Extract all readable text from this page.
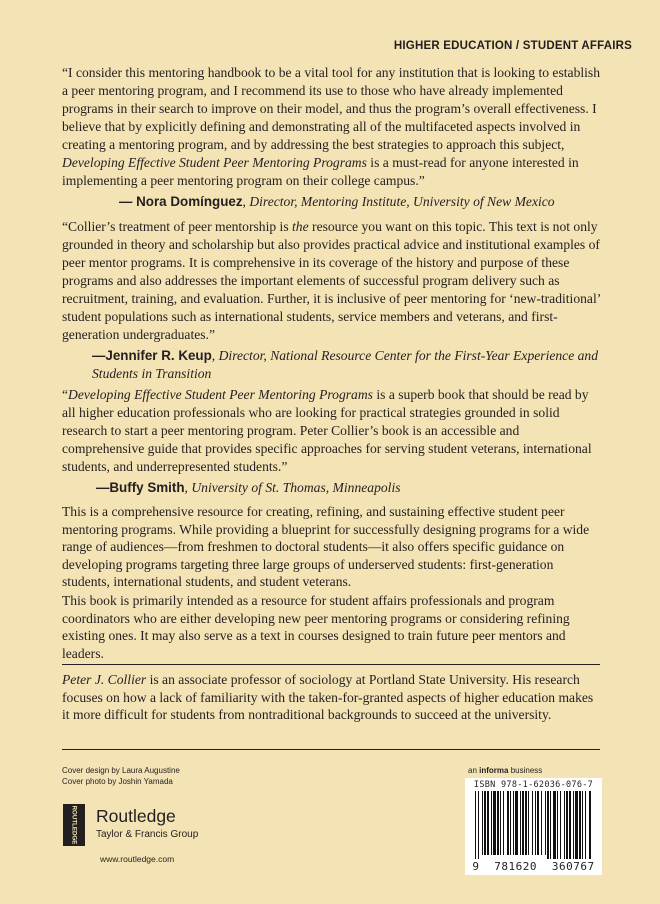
HIGHER EDUCATION / STUDENT AFFAIRS

“I consider this mentoring handbook to be a vital tool for any institution that is looking to establish a peer mentoring program, and I recommend its use to those who have already implemented programs in their search to improve on their model, and thus the program’s overall effectiveness. I believe that by explicitly defining and demonstrating all of the multifaceted aspects involved in creating a mentoring program, and by addressing the best strategies to approach this subject, Developing Effective Student Peer Mentoring Programs is a must-read for anyone interested in implementing a peer mentoring program on their college campus.”

— Nora Domínguez, Director, Mentoring Institute, University of New Mexico

“Collier’s treatment of peer mentorship is the resource you want on this topic. This text is not only grounded in theory and scholarship but also provides practical advice and institutional examples of peer mentor programs. It is comprehensive in its coverage of the history and purpose of these programs and also addresses the important elements of successful program delivery such as recruitment, training, and evaluation. Further, it is inclusive of peer mentoring for ‘new-traditional’ student populations such as international students, service members and veterans, and first-generation undergraduates.”

—Jennifer R. Keup, Director, National Resource Center for the First-Year Experience and Students in Transition

“Developing Effective Student Peer Mentoring Programs is a superb book that should be read by all higher education professionals who are looking for practical strategies grounded in solid research to start a peer mentoring program. Peter Collier’s book is an accessible and comprehensive guide that provides specific approaches for serving student veterans, international students, and underrepresented students.”

—Buffy Smith, University of St. Thomas, Minneapolis

This is a comprehensive resource for creating, refining, and sustaining effective student peer mentoring programs. While providing a blueprint for successfully designing programs for a wide range of audiences—from freshmen to doctoral students—it also offers specific guidance on developing programs targeting three large groups of underserved students: first-generation students, international students, and student veterans.

This book is primarily intended as a resource for student affairs professionals and program coordinators who are either developing new peer mentoring programs or considering refining existing ones. It may also serve as a text in courses designed to train future peer mentors and leaders.

Peter J. Collier is an associate professor of sociology at Portland State University. His research focuses on how a lack of familiarity with the taken-for-granted aspects of higher education makes it more difficult for students from nontraditional backgrounds to succeed at the university.

Cover design by Laura Augustine
Cover photo by Joshin Yamada
ROUTLEDGE Routledge
Taylor & Francis Group
www.routledge.com
an informa business
ISBN 978-1-62036-076-7
9 781620 360767
